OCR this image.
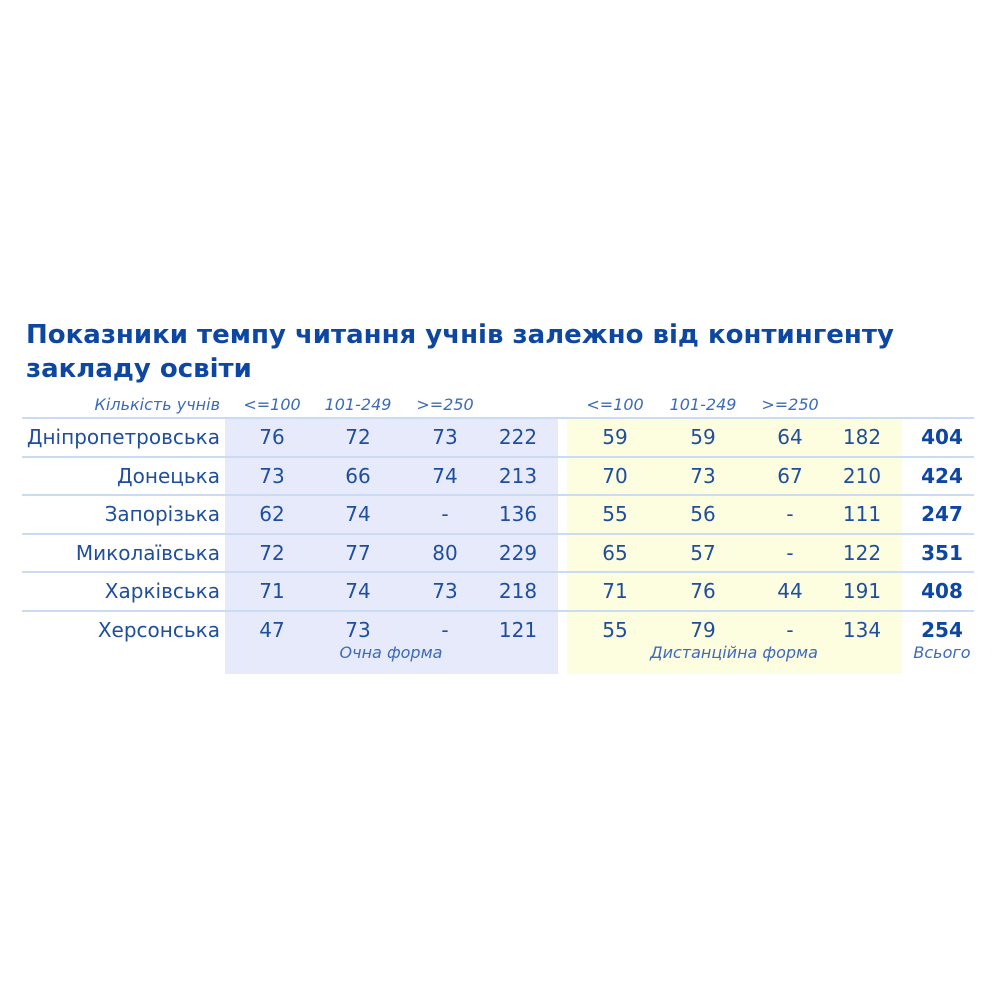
Показники темпу читання учнів залежно від контингенту закладу освіти
Кількість учнів <=100 101-249 >=250	<=100 101-249 >=250
Дніпропетровська 76	72	73 222	59	59	64 182 404
Донецька 73	66	74 213	70	73	67 210 424
Запорізька 62	74	-	136	55	56	- 111 247
Миколаївська 72	77	80 229	65	57	- 122 351
Харківська 71	74	73 218	71	76	44 191 408
Херсонська 47	73	-	121	55	79	- 134 254
Очна форма	Дистанційна форма	Всього
